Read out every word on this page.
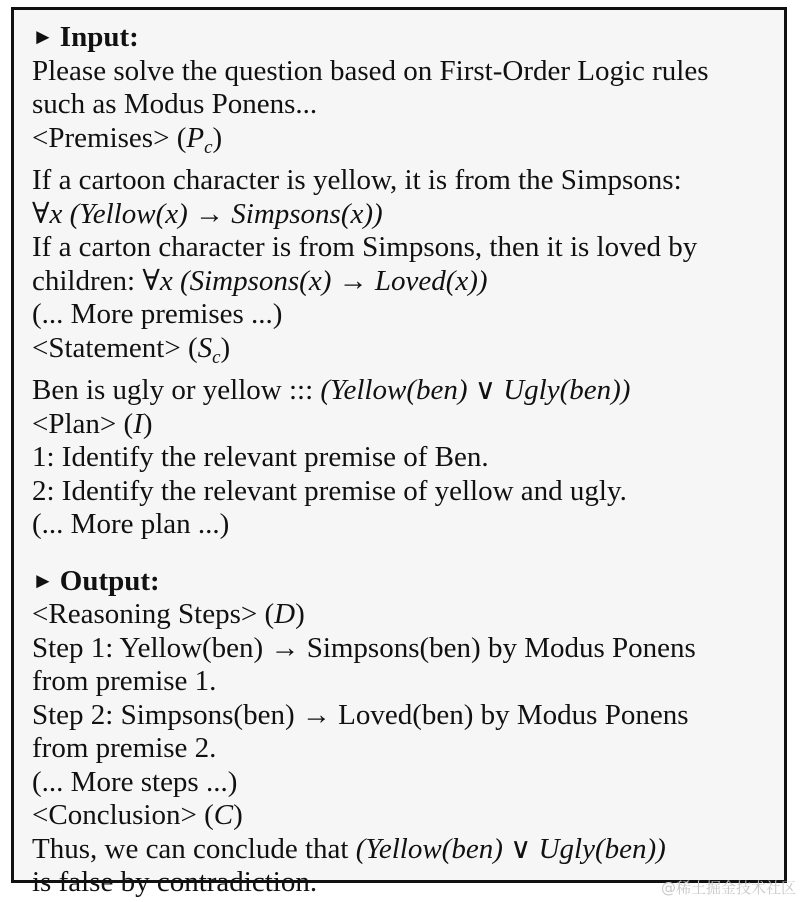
► Input:
Please solve the question based on First-Order Logic rules
such as Modus Ponens...
<Premises> $(P_c)$
If a cartoon character is yellow, it is from the Simpsons:
∀x (Yellow(x) → Simpsons(x))
If a carton character is from Simpsons, then it is loved by
children: ∀x (Simpsons(x) → Loved(x))
(... More premises ...)
<Statement> $(S_c)$
Ben is ugly or yellow ::: (Yellow(ben) ∨ Ugly(ben))
<Plan> (I)
1: Identify the relevant premise of Ben.
2: Identify the relevant premise of yellow and ugly.
(... More plan ...)
► Output:
<Reasoning Steps> (D)
Step 1: Yellow(ben) → Simpsons(ben) by Modus Ponens
from premise 1.
Step 2: Simpsons(ben) → Loved(ben) by Modus Ponens
from premise 2.
(... More steps ...)
<Conclusion> (C)
Thus, we can conclude that (Yellow(ben) ∨ Ugly(ben))
is false by contradiction.	@稀土掘金技术社区
